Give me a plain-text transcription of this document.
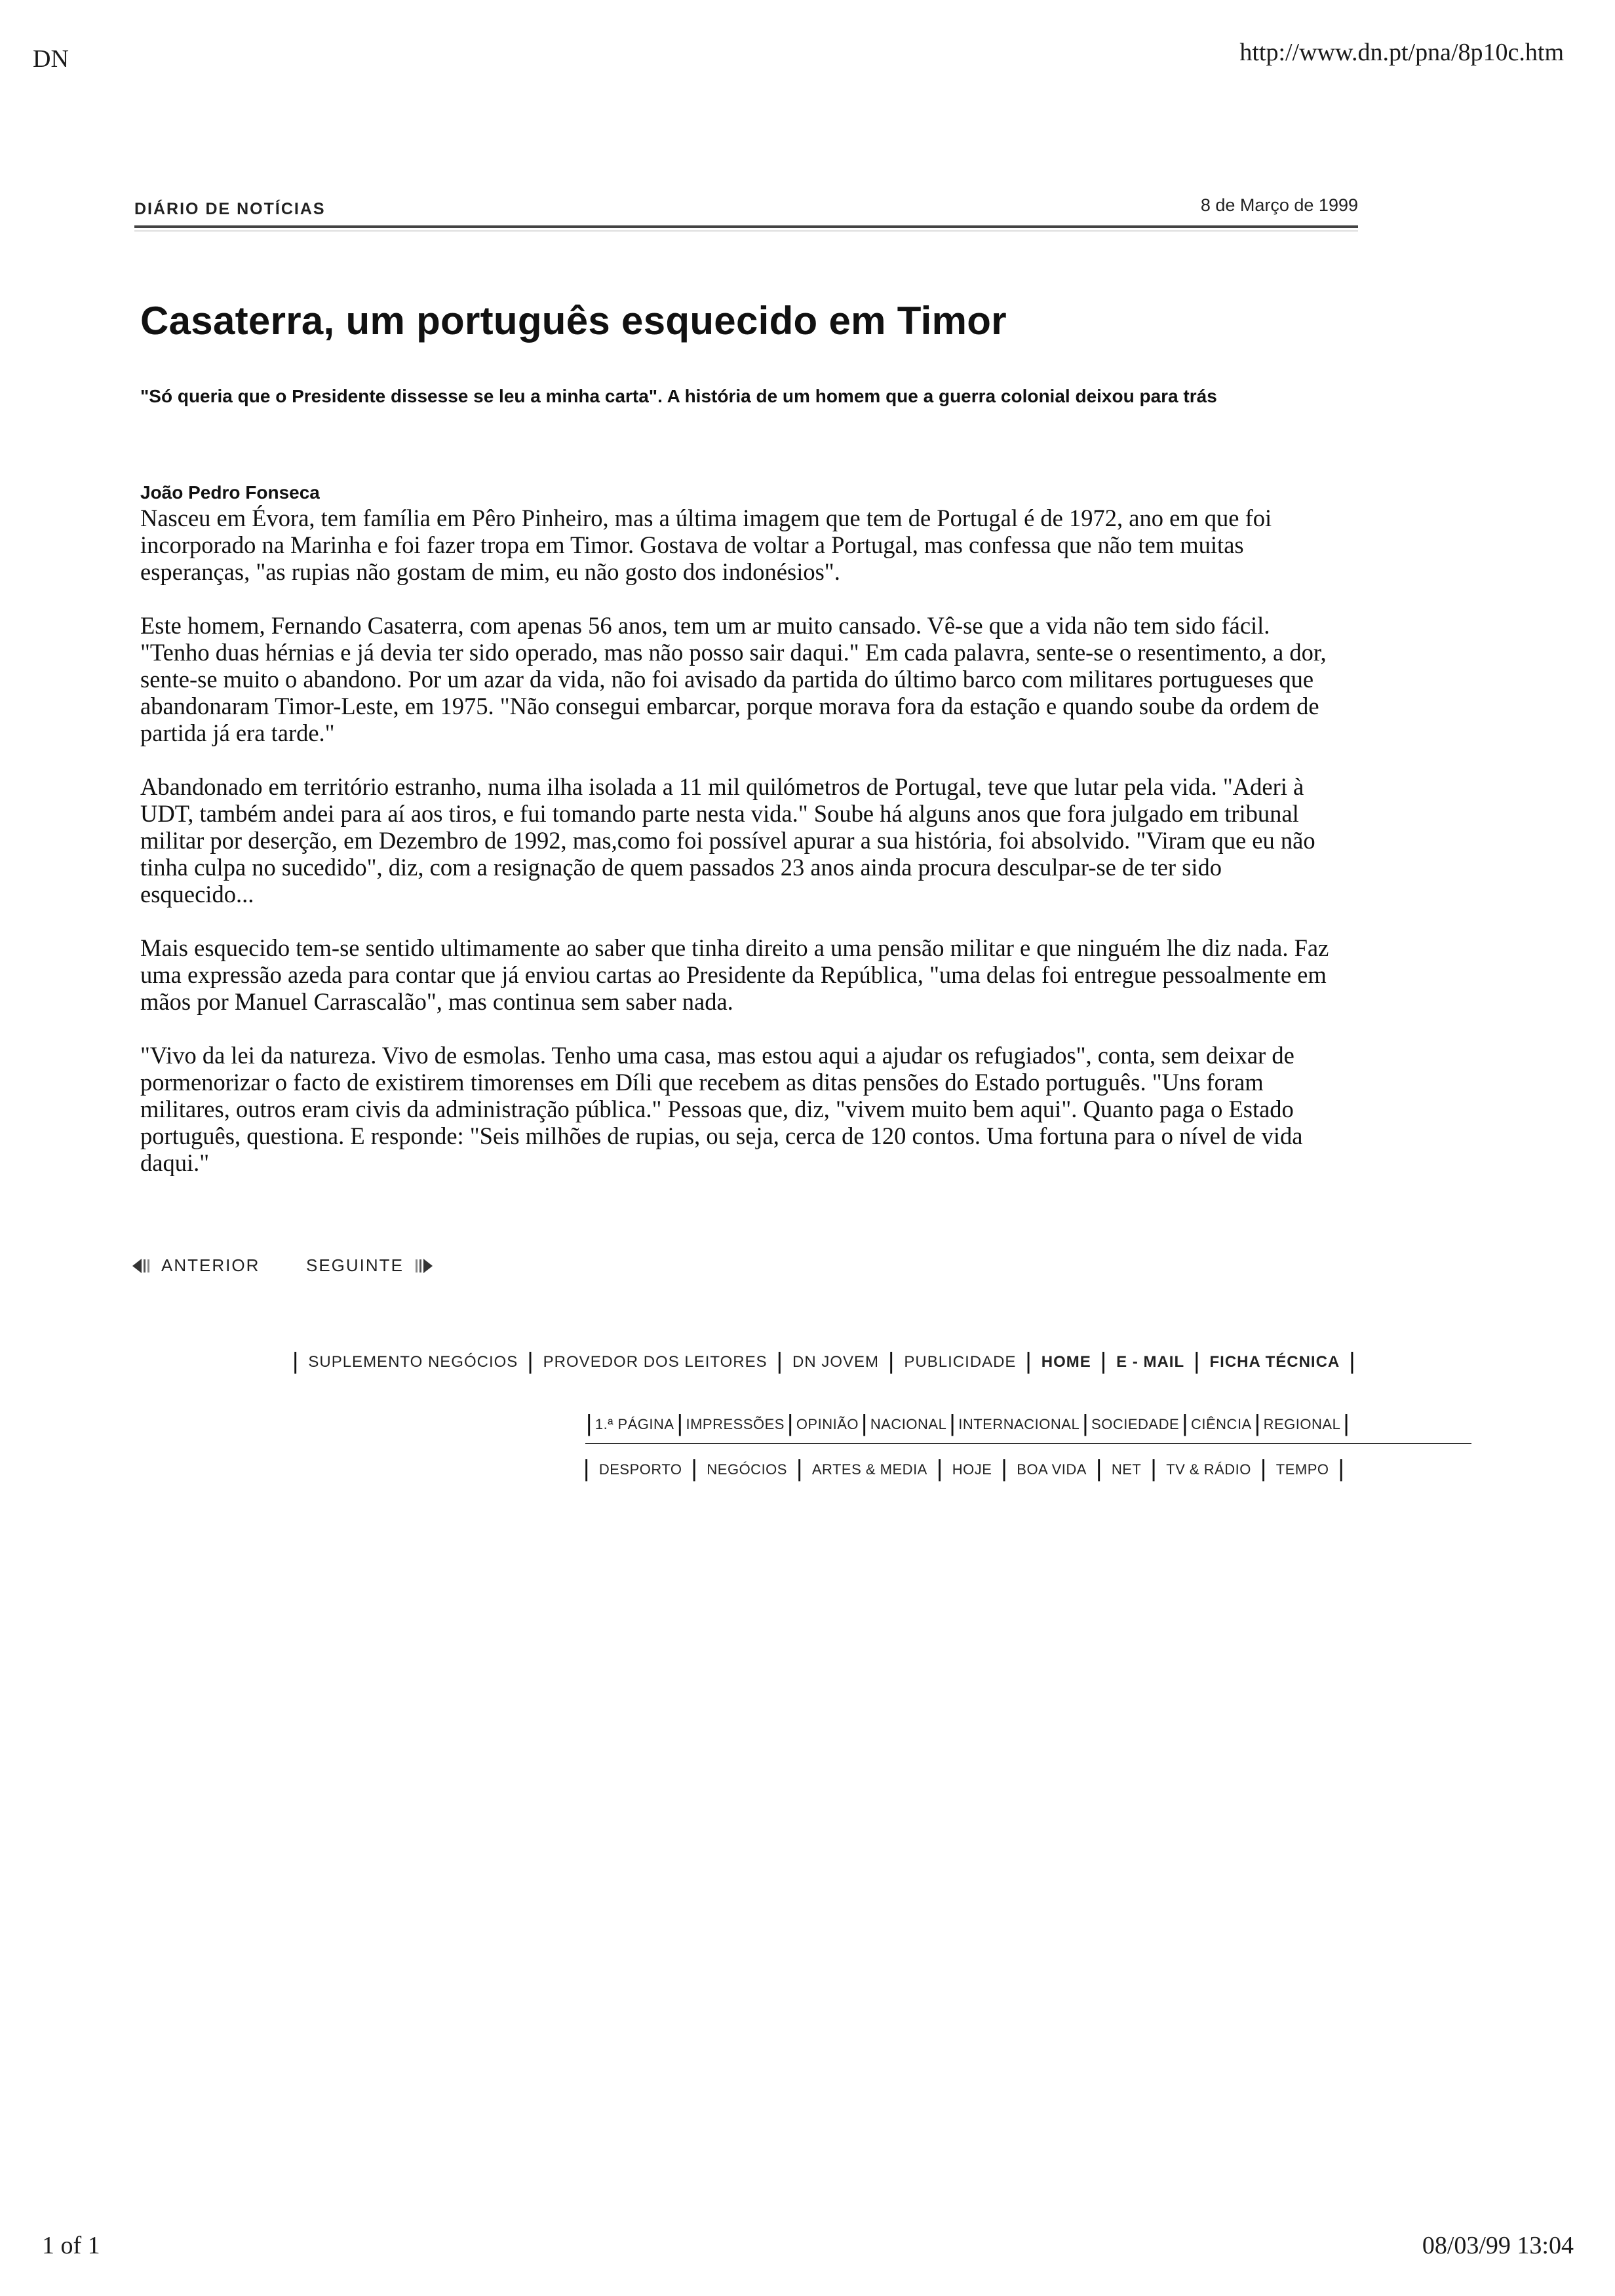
DN	http://www.dn.pt/pna/8p10c.htm
DIÁRIO DE NOTÍCIAS	8 de Março de 1999
Casaterra, um português esquecido em Timor
"Só queria que o Presidente dissesse se leu a minha carta". A história de um homem que a guerra colonial deixou para trás
João Pedro Fonseca

Nasceu em Évora, tem família em Pêro Pinheiro, mas a última imagem que tem de Portugal é de 1972, ano em que foi incorporado na Marinha e foi fazer tropa em Timor. Gostava de voltar a Portugal, mas confessa que não tem muitas esperanças, "as rupias não gostam de mim, eu não gosto dos indonésios".

Este homem, Fernando Casaterra, com apenas 56 anos, tem um ar muito cansado. Vê-se que a vida não tem sido fácil. "Tenho duas hérnias e já devia ter sido operado, mas não posso sair daqui." Em cada palavra, sente-se o resentimento, a dor, sente-se muito o abandono. Por um azar da vida, não foi avisado da partida do último barco com militares portugueses que abandonaram Timor-Leste, em 1975. "Não consegui embarcar, porque morava fora da estação e quando soube da ordem de partida já era tarde."

Abandonado em território estranho, numa ilha isolada a 11 mil quilómetros de Portugal, teve que lutar pela vida. "Aderi à UDT, também andei para aí aos tiros, e fui tomando parte nesta vida." Soube há alguns anos que fora julgado em tribunal militar por deserção, em Dezembro de 1992, mas,como foi possível apurar a sua história, foi absolvido. "Viram que eu não tinha culpa no sucedido", diz, com a resignação de quem passados 23 anos ainda procura desculpar-se de ter sido esquecido...

Mais esquecido tem-se sentido ultimamente ao saber que tinha direito a uma pensão militar e que ninguém lhe diz nada. Faz uma expressão azeda para contar que já enviou cartas ao Presidente da República, "uma delas foi entregue pessoalmente em mãos por Manuel Carrascalão", mas continua sem saber nada.

"Vivo da lei da natureza. Vivo de esmolas. Tenho uma casa, mas estou aqui a ajudar os refugiados", conta, sem deixar de pormenorizar o facto de existirem timorenses em Díli que recebem as ditas pensões do Estado português. "Uns foram militares, outros eram civis da administração pública." Pessoas que, diz, "vivem muito bem aqui". Quanto paga o Estado português, questiona. E responde: "Seis milhões de rupias, ou seja, cerca de 120 contos. Uma fortuna para o nível de vida daqui."

ANTERIOR	SEGUINTE
| SUPLEMENTO NEGÓCIOS | PROVEDOR DOS LEITORES | DN JOVEM | PUBLICIDADE | HOME | E - MAIL | FICHA TÉCNICA |
| 1.ª PÁGINA | IMPRESSÕES | OPINIÃO | NACIONAL | INTERNACIONAL | SOCIEDADE | CIÊNCIA | REGIONAL |
| DESPORTO | NEGÓCIOS | ARTES & MEDIA | HOJE | BOA VIDA | NET | TV & RÁDIO | TEMPO |
1 of 1	08/03/99 13:04
